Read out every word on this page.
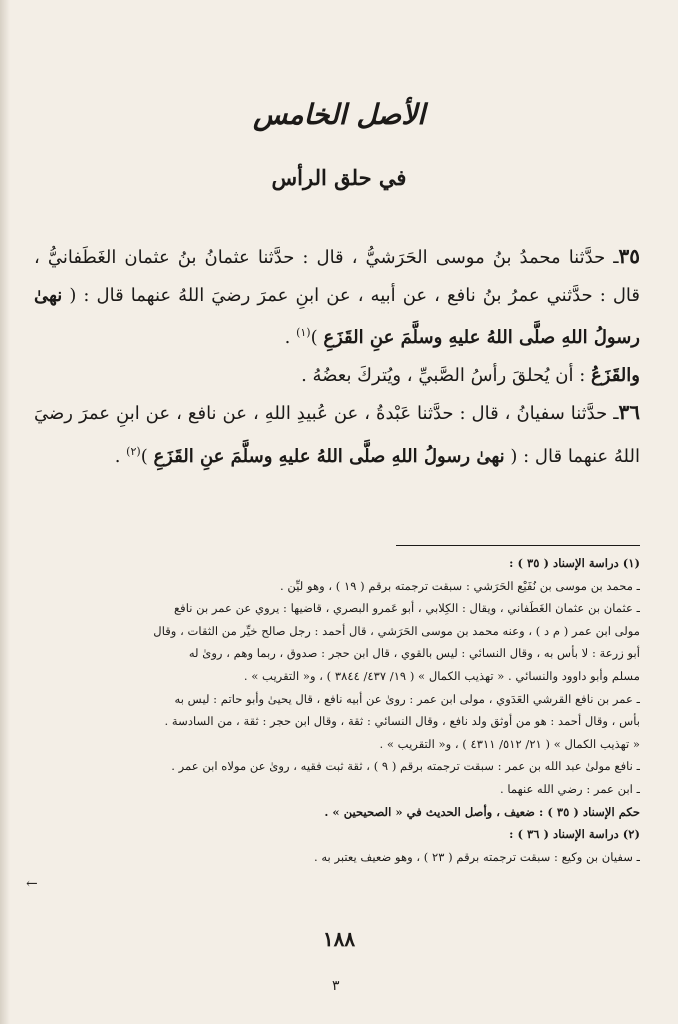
الأصل الخامس
في حلق الرأس

٣٥ـ حدَّثنا محمدُ بنُ موسى الحَرَشيُّ ، قال : حدَّثنا عثمانُ بنُ عثمان الغَطَفانيُّ ، قال : حدَّثني عمرُ بنُ نافع ، عن أبيه ، عن ابنِ عمرَ رضيَ اللهُ عنهما قال : ( نهىٰ رسولُ اللهِ صلَّى اللهُ عليهِ وسلَّمَ عنِ القَزَعِ )$^{(١)}$ .

والقَزَعُ : أن يُحلقَ رأسُ الصَّبيِّ ، ويُتركَ بعضُهُ .

٣٦ـ حدَّثنا سفيانُ ، قال : حدَّثنا عَبْدةُ ، عن عُبيدِ اللهِ ، عن نافع ، عن ابنِ عمرَ رضيَ اللهُ عنهما قال : ( نهىٰ رسولُ اللهِ صلَّى اللهُ عليهِ وسلَّمَ عنِ القَزَعِ )$^{(٢)}$ .

(١) دراسة الإسناد ( ٣٥ ) :
ـ محمد بن موسى بن نُفَيْع الحَرَشي : سبقت ترجمته برقم ( ١٩ ) ، وهو ليِّن .
ـ عثمان بن عثمان الغَطَفاني ، ويقال : الكِلابي ، أبو عَمرو البصري ، قاضيها : يروي عن عمر بن نافع
مولى ابن عمر ( م د ) ، وعنه محمد بن موسى الحَرَشي ، قال أحمد : رجل صالح خيِّر من الثقات ، وقال
أبو زرعة : لا بأس به ، وقال النسائي : ليس بالقوي ، قال ابن حجر : صدوق ، ربما وهم ، روىٰ له
مسلم وأبو داوود والنسائي . « تهذيب الكمال » ( ١٩/ ٤٣٧/ ٣٨٤٤ ) ، و« التقريب » .
ـ عمر بن نافع القرشي العَدَوي ، مولى ابن عمر : روىٰ عن أبيه نافع ، قال يحيىٰ وأبو حاتم : ليس به
بأس ، وقال أحمد : هو من أوثق ولد نافع ، وقال النسائي : ثقة ، وقال ابن حجر : ثقة ، من السادسة .
« تهذيب الكمال » ( ٢١/ ٥١٢/ ٤٣١١ ) ، و« التقريب » .
ـ نافع مولىٰ عبد الله بن عمر : سبقت ترجمته برقم ( ٩ ) ، ثقة ثبت فقيه ، روىٰ عن مولاه ابن عمر .
ـ ابن عمر : رضي الله عنهما .
حكم الإسناد ( ٣٥ ) : ضعيف ، وأصل الحديث في « الصحيحين » .
(٢) دراسة الإسناد ( ٣٦ ) :
ـ سفيان بن وكيع : سبقت ترجمته برقم ( ٢٣ ) ، وهو ضعيف يعتبر به .
←
١٨٨
٣
